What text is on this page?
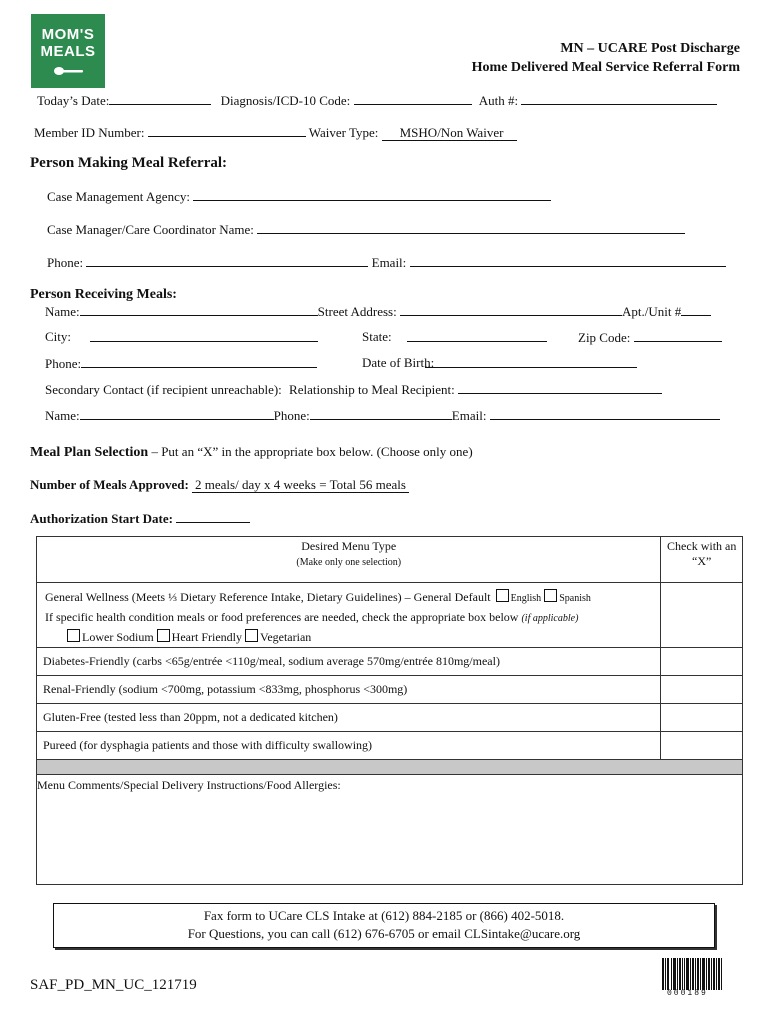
MOM'S
MEALS	MN – UCARE Post Discharge
Home Delivered Meal Service Referral Form
Today’s Date:	Diagnosis/ICD-10 Code:	Auth #:
Member ID Number:	Waiver Type: MSHO/Non Waiver
Person Making Meal Referral:
Case Management Agency:
Case Manager/Care Coordinator Name:
Phone:	Email:
Person Receiving Meals:
Name:	Street Address:	Apt./Unit #
City:	State:	Zip Code:
Phone:	Date of Birth:
Secondary Contact (if recipient unreachable): Relationship to Meal Recipient:
Name:	Phone:	Email:
Meal Plan Selection – Put an “X” in the appropriate box below. (Choose only one)
Number of Meals Approved: 2 meals/ day x 4 weeks = Total 56 meals
Authorization Start Date:
Desired Menu Type
(Make only one selection)	Check with an “X”
General Wellness (Meets ⅓ Dietary Reference Intake, Dietary Guidelines) – General Default English Spanish
If specific health condition meals or food preferences are needed, check the appropriate box below (if applicable)
Lower Sodium Heart Friendly Vegetarian	
Diabetes-Friendly (carbs <65g/entrée <110g/meal, sodium average 570mg/entrée 810mg/meal)	
Renal-Friendly (sodium <700mg, potassium <833mg, phosphorus <300mg)	
Gluten-Free (tested less than 20ppm, not a dedicated kitchen)	
Pureed (for dysphagia patients and those with difficulty swallowing)	

Menu Comments/Special Delivery Instructions/Food Allergies:	
Fax form to UCare CLS Intake at (612) 884-2185 or (866) 402-5018.
For Questions, you can call (612) 676-6705 or email CLSintake@ucare.org
SAF_PD_MN_UC_121719
000189
